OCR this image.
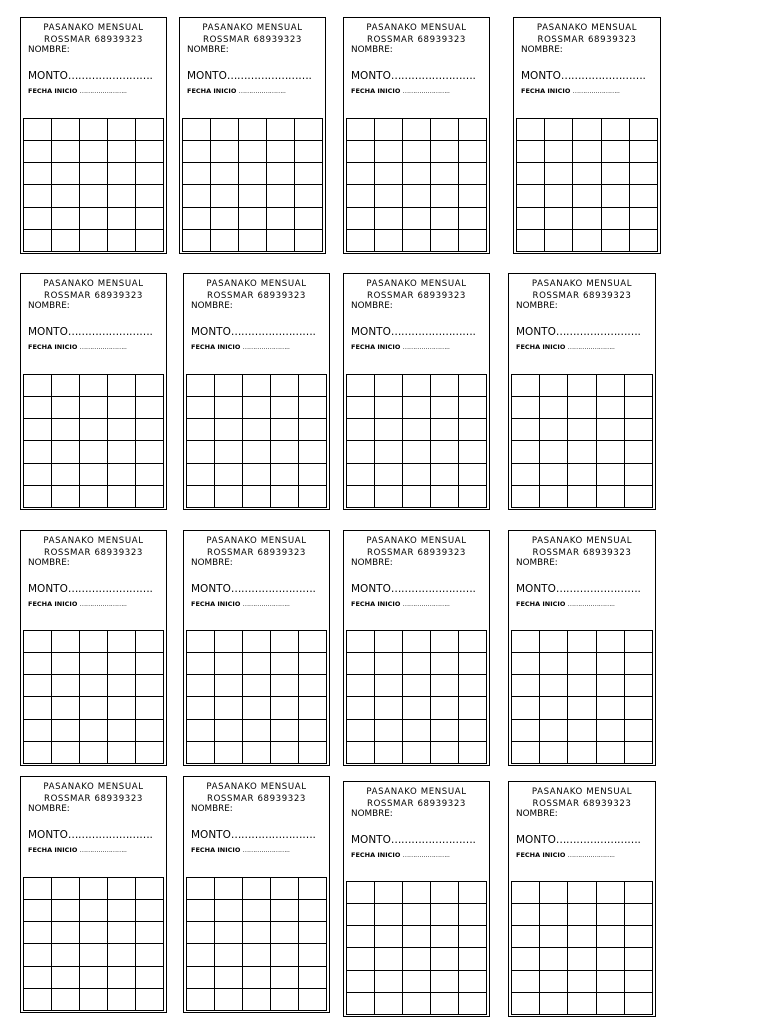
PASANAKO MENSUAL
ROSSMAR 68939323
NOMBRE:
MONTO…………………….
FECHA INICIO …………………..

PASANAKO MENSUAL
ROSSMAR 68939323
NOMBRE:
MONTO…………………….
FECHA INICIO …………………..

PASANAKO MENSUAL
ROSSMAR 68939323
NOMBRE:
MONTO…………………….
FECHA INICIO …………………..

PASANAKO MENSUAL
ROSSMAR 68939323
NOMBRE:
MONTO…………………….
FECHA INICIO …………………..

PASANAKO MENSUAL
ROSSMAR 68939323
NOMBRE:
MONTO…………………….
FECHA INICIO …………………..

PASANAKO MENSUAL
ROSSMAR 68939323
NOMBRE:
MONTO…………………….
FECHA INICIO …………………..

PASANAKO MENSUAL
ROSSMAR 68939323
NOMBRE:
MONTO…………………….
FECHA INICIO …………………..

PASANAKO MENSUAL
ROSSMAR 68939323
NOMBRE:
MONTO…………………….
FECHA INICIO …………………..

PASANAKO MENSUAL
ROSSMAR 68939323
NOMBRE:
MONTO…………………….
FECHA INICIO …………………..

PASANAKO MENSUAL
ROSSMAR 68939323
NOMBRE:
MONTO…………………….
FECHA INICIO …………………..

PASANAKO MENSUAL
ROSSMAR 68939323
NOMBRE:
MONTO…………………….
FECHA INICIO …………………..

PASANAKO MENSUAL
ROSSMAR 68939323
NOMBRE:
MONTO…………………….
FECHA INICIO …………………..

PASANAKO MENSUAL
ROSSMAR 68939323
NOMBRE:
MONTO…………………….
FECHA INICIO …………………..

PASANAKO MENSUAL
ROSSMAR 68939323
NOMBRE:
MONTO…………………….
FECHA INICIO …………………..

PASANAKO MENSUAL
ROSSMAR 68939323
NOMBRE:
MONTO…………………….
FECHA INICIO …………………..

PASANAKO MENSUAL
ROSSMAR 68939323
NOMBRE:
MONTO…………………….
FECHA INICIO …………………..
